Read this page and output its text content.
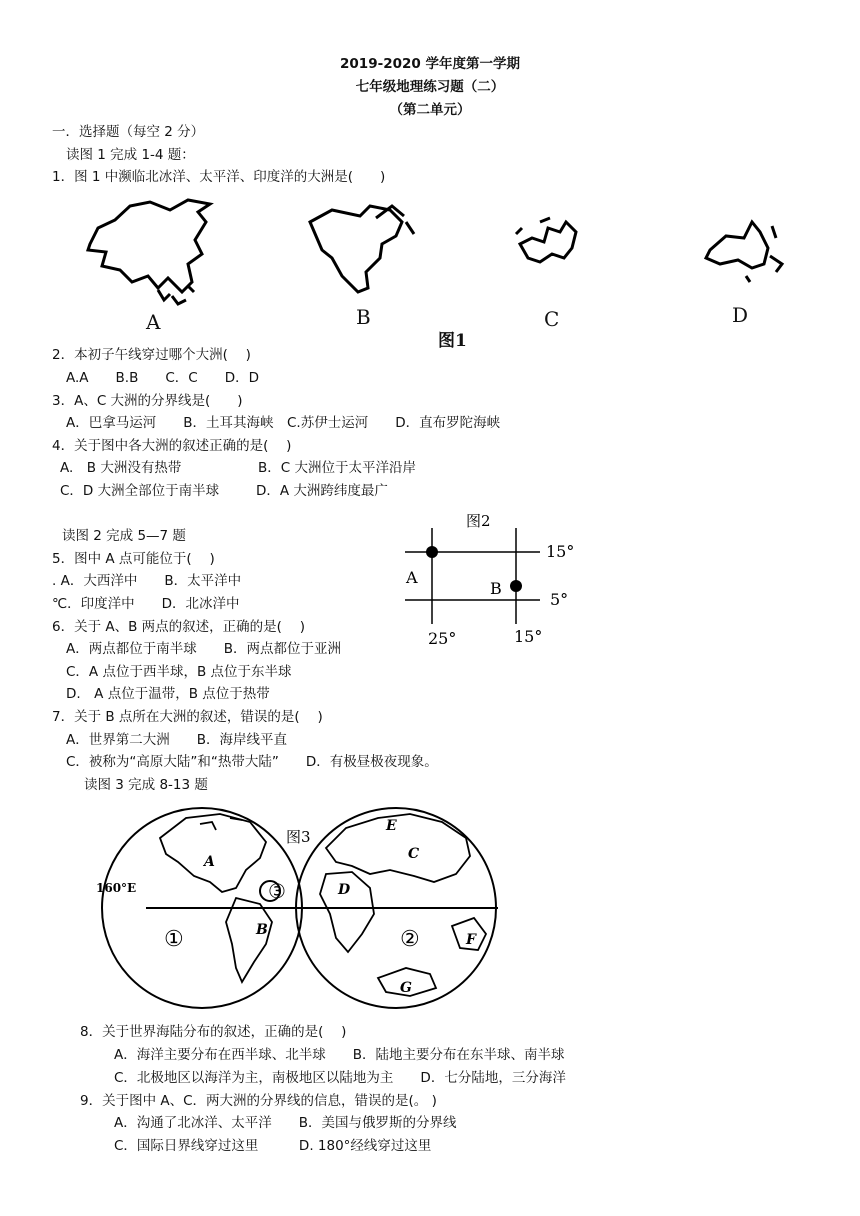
2019-2020 学年度第一学期
七年级地理练习题（二）
（第二单元）
一．选择题（每空 2 分）
读图 1 完成 1-4 题：
1．图 1 中濒临北冰洋、太平洋、印度洋的大洲是(　　)
A	B	C	D
图1
2．本初子午线穿过哪个大洲(　 )
A.A　　B.B　　C．C　　D．D
3．A、C 大洲的分界线是(　　)
A．巴拿马运河　　B．土耳其海峡　C.苏伊士运河　　D．直布罗陀海峡
4．关于图中各大洲的叙述正确的是(　 )
A.　B 大洲没有热带	B．C 大洲位于太平洋沿岸
C．D 大洲全部位于南半球	D．A 大洲跨纬度最广
读图 2 完成 5—7 题
5．图中 A 点可能位于(　 )
. A．大西洋中　　B．太平洋中
℃．印度洋中　　D．北冰洋中
6．关于 A、B 两点的叙述，正确的是(　 )
A．两点都位于南半球　　B．两点都位于亚洲
C．A 点位于西半球，B 点位于东半球
D.　A 点位于温带，B 点位于热带
图2
15°
5°
25°	15°
A
B
7．关于 B 点所在大洲的叙述，错误的是(　 )
A．世界第二大洲　　B．海岸线平直
C．被称为“高原大陆”和“热带大陆”　　D．有极昼极夜现象。
读图 3 完成 8-13 题
图3
160°E
A
B
C
D
E
F
G
①	②
③
8．关于世界海陆分布的叙述，正确的是(　 )
A．海洋主要分布在西半球、北半球　　B．陆地主要分布在东半球、南半球
C．北极地区以海洋为主，南极地区以陆地为主　　D．七分陆地，三分海洋
9．关于图中 A、C．两大洲的分界线的信息，错误的是(。 )
A．沟通了北冰洋、太平洋　　B．美国与俄罗斯的分界线
C．国际日界线穿过这里　　　D. 180°经线穿过这里
